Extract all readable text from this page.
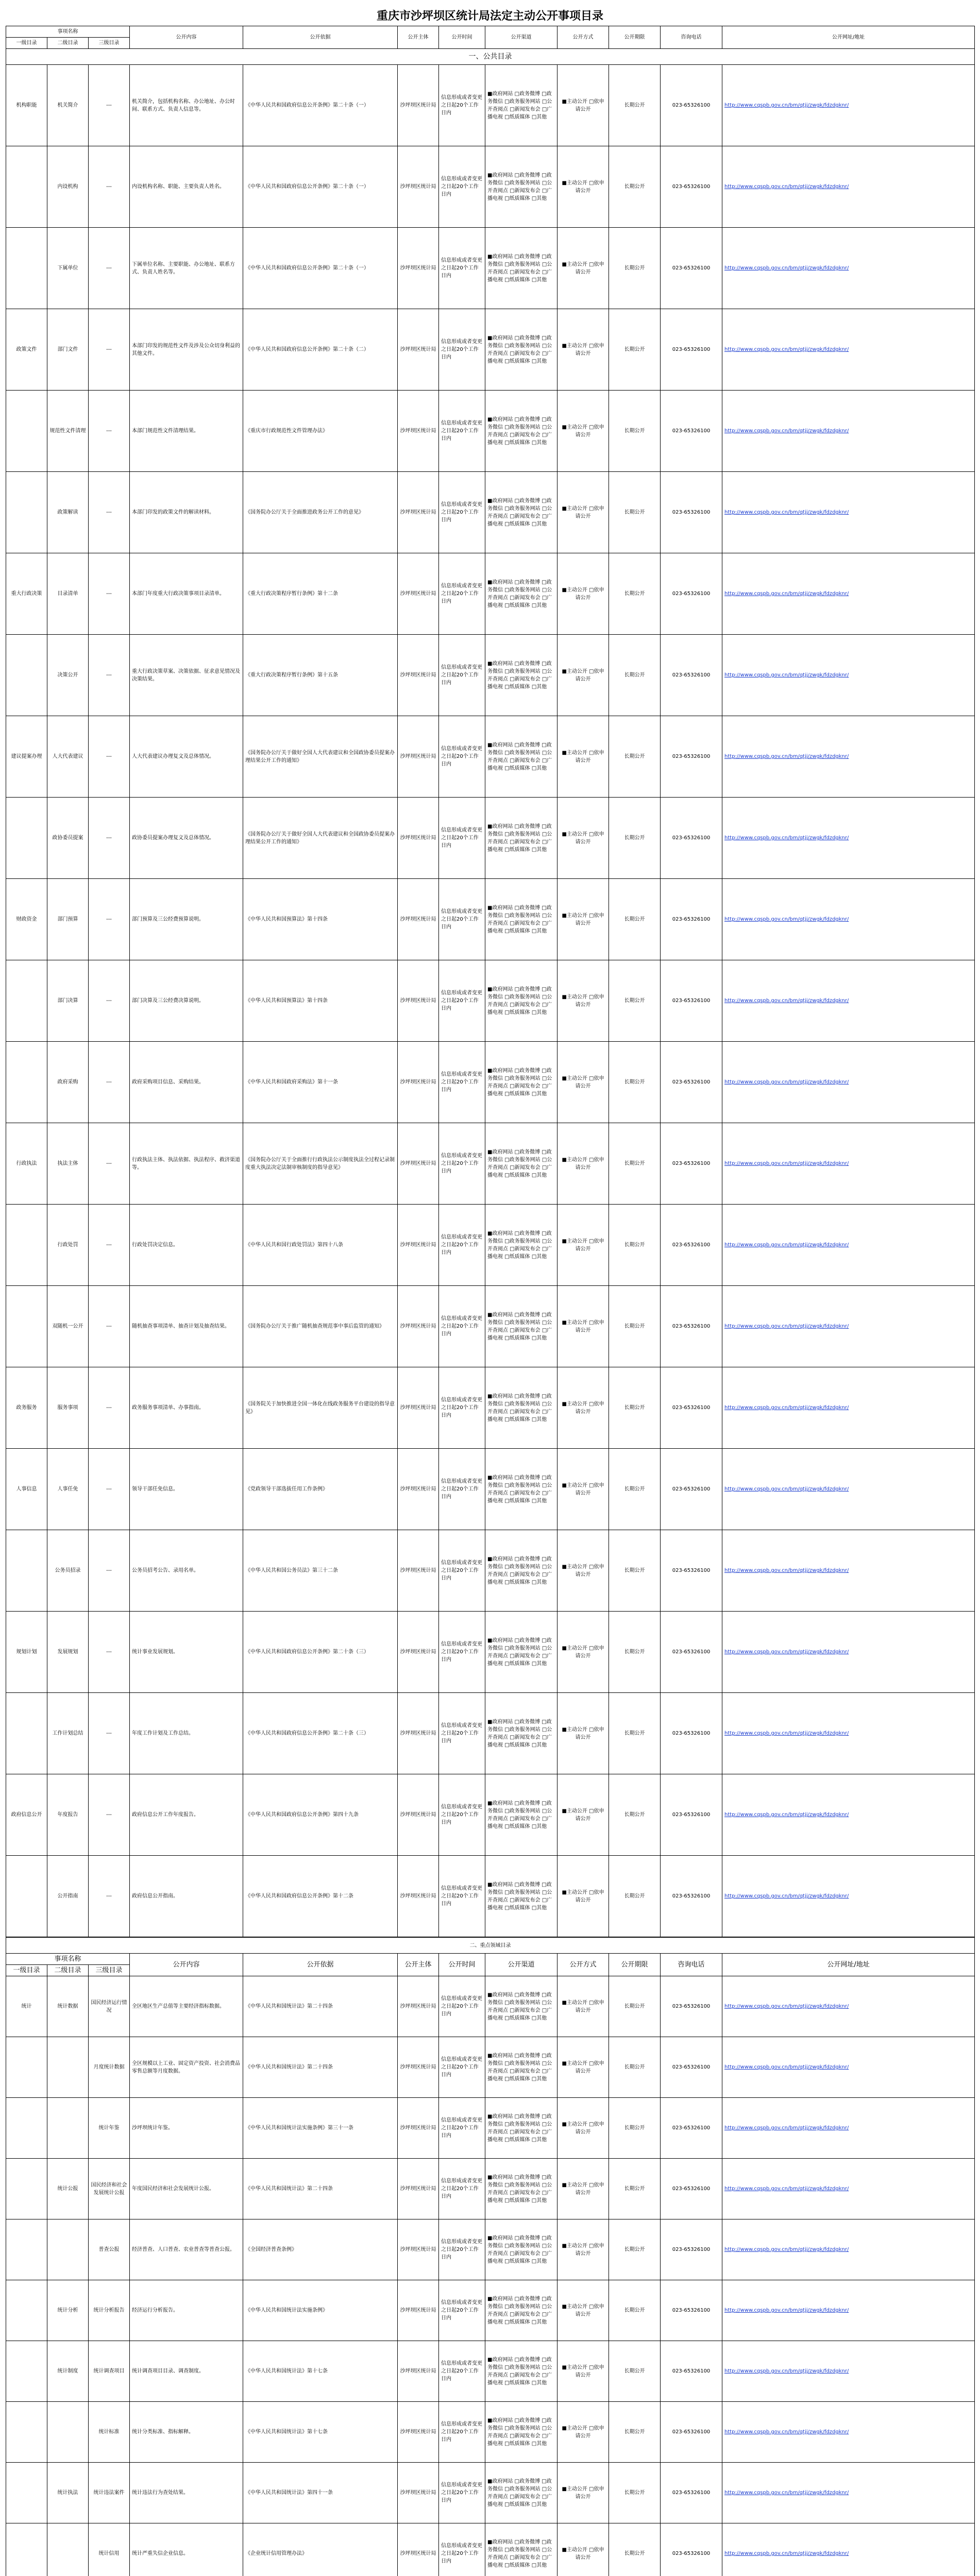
重庆市沙坪坝区统计局法定主动公开事项目录
事项名称			公开内容	公开依据	公开主体	公开时间	公开渠道	公开方式	公开期限	咨询电话	公开网址/地址
一级目录	二级目录	三级目录									
一、公共目录											
机构职能	机关简介	---	机关简介，包括机构名称、办公地址、办公时间、联系方式、负责人信息等。	《中华人民共和国政府信息公开条例》第二十条（一）	沙坪坝区统计局	信息形成或者变更之日起20个工作日内	■政府网站 □政务微博 □政务微信 □政务服务网站 □公开查阅点 □新闻发布会 □广播电视 □纸质媒体 □其他	■主动公开 □依申请公开	长期公开	023-65326100	http://www.cqspb.gov.cn/bm/qtjj/zwgk/fdzdgknr/
	内设机构	---	内设机构名称、职能、主要负责人姓名。	《中华人民共和国政府信息公开条例》第二十条（一）	沙坪坝区统计局	信息形成或者变更之日起20个工作日内	■政府网站 □政务微博 □政务微信 □政务服务网站 □公开查阅点 □新闻发布会 □广播电视 □纸质媒体 □其他	■主动公开 □依申请公开	长期公开	023-65326100	http://www.cqspb.gov.cn/bm/qtjj/zwgk/fdzdgknr/
	下属单位	---	下属单位名称、主要职能、办公地址、联系方式、负责人姓名等。	《中华人民共和国政府信息公开条例》第二十条（一）	沙坪坝区统计局	信息形成或者变更之日起20个工作日内	■政府网站 □政务微博 □政务微信 □政务服务网站 □公开查阅点 □新闻发布会 □广播电视 □纸质媒体 □其他	■主动公开 □依申请公开	长期公开	023-65326100	http://www.cqspb.gov.cn/bm/qtjj/zwgk/fdzdgknr/
政策文件	部门文件	---	本部门印发的规范性文件及涉及公众切身利益的其他文件。	《中华人民共和国政府信息公开条例》第二十条（二）	沙坪坝区统计局	信息形成或者变更之日起20个工作日内	■政府网站 □政务微博 □政务微信 □政务服务网站 □公开查阅点 □新闻发布会 □广播电视 □纸质媒体 □其他	■主动公开 □依申请公开	长期公开	023-65326100	http://www.cqspb.gov.cn/bm/qtjj/zwgk/fdzdgknr/
	规范性文件清理	---	本部门规范性文件清理结果。	《重庆市行政规范性文件管理办法》	沙坪坝区统计局	信息形成或者变更之日起20个工作日内	■政府网站 □政务微博 □政务微信 □政务服务网站 □公开查阅点 □新闻发布会 □广播电视 □纸质媒体 □其他	■主动公开 □依申请公开	长期公开	023-65326100	http://www.cqspb.gov.cn/bm/qtjj/zwgk/fdzdgknr/
	政策解读	---	本部门印发的政策文件的解读材料。	《国务院办公厅关于全面推进政务公开工作的意见》	沙坪坝区统计局	信息形成或者变更之日起20个工作日内	■政府网站 □政务微博 □政务微信 □政务服务网站 □公开查阅点 □新闻发布会 □广播电视 □纸质媒体 □其他	■主动公开 □依申请公开	长期公开	023-65326100	http://www.cqspb.gov.cn/bm/qtjj/zwgk/fdzdgknr/
重大行政决策	目录清单	---	本部门年度重大行政决策事项目录清单。	《重大行政决策程序暂行条例》第十二条	沙坪坝区统计局	信息形成或者变更之日起20个工作日内	■政府网站 □政务微博 □政务微信 □政务服务网站 □公开查阅点 □新闻发布会 □广播电视 □纸质媒体 □其他	■主动公开 □依申请公开	长期公开	023-65326100	http://www.cqspb.gov.cn/bm/qtjj/zwgk/fdzdgknr/
	决策公开	---	重大行政决策草案、决策依据、征求意见情况及决策结果。	《重大行政决策程序暂行条例》第十五条	沙坪坝区统计局	信息形成或者变更之日起20个工作日内	■政府网站 □政务微博 □政务微信 □政务服务网站 □公开查阅点 □新闻发布会 □广播电视 □纸质媒体 □其他	■主动公开 □依申请公开	长期公开	023-65326100	http://www.cqspb.gov.cn/bm/qtjj/zwgk/fdzdgknr/
建议提案办理	人大代表建议	---	人大代表建议办理复文及总体情况。	《国务院办公厅关于做好全国人大代表建议和全国政协委员提案办理结果公开工作的通知》	沙坪坝区统计局	信息形成或者变更之日起20个工作日内	■政府网站 □政务微博 □政务微信 □政务服务网站 □公开查阅点 □新闻发布会 □广播电视 □纸质媒体 □其他	■主动公开 □依申请公开	长期公开	023-65326100	http://www.cqspb.gov.cn/bm/qtjj/zwgk/fdzdgknr/
	政协委员提案	---	政协委员提案办理复文及总体情况。	《国务院办公厅关于做好全国人大代表建议和全国政协委员提案办理结果公开工作的通知》	沙坪坝区统计局	信息形成或者变更之日起20个工作日内	■政府网站 □政务微博 □政务微信 □政务服务网站 □公开查阅点 □新闻发布会 □广播电视 □纸质媒体 □其他	■主动公开 □依申请公开	长期公开	023-65326100	http://www.cqspb.gov.cn/bm/qtjj/zwgk/fdzdgknr/
财政资金	部门预算	---	部门预算及三公经费预算说明。	《中华人民共和国预算法》第十四条	沙坪坝区统计局	信息形成或者变更之日起20个工作日内	■政府网站 □政务微博 □政务微信 □政务服务网站 □公开查阅点 □新闻发布会 □广播电视 □纸质媒体 □其他	■主动公开 □依申请公开	长期公开	023-65326100	http://www.cqspb.gov.cn/bm/qtjj/zwgk/fdzdgknr/
	部门决算	---	部门决算及三公经费决算说明。	《中华人民共和国预算法》第十四条	沙坪坝区统计局	信息形成或者变更之日起20个工作日内	■政府网站 □政务微博 □政务微信 □政务服务网站 □公开查阅点 □新闻发布会 □广播电视 □纸质媒体 □其他	■主动公开 □依申请公开	长期公开	023-65326100	http://www.cqspb.gov.cn/bm/qtjj/zwgk/fdzdgknr/
	政府采购	---	政府采购项目信息、采购结果。	《中华人民共和国政府采购法》第十一条	沙坪坝区统计局	信息形成或者变更之日起20个工作日内	■政府网站 □政务微博 □政务微信 □政务服务网站 □公开查阅点 □新闻发布会 □广播电视 □纸质媒体 □其他	■主动公开 □依申请公开	长期公开	023-65326100	http://www.cqspb.gov.cn/bm/qtjj/zwgk/fdzdgknr/
行政执法	执法主体	---	行政执法主体、执法依据、执法程序、救济渠道等。	《国务院办公厅关于全面推行行政执法公示制度执法全过程记录制度重大执法决定法制审核制度的指导意见》	沙坪坝区统计局	信息形成或者变更之日起20个工作日内	■政府网站 □政务微博 □政务微信 □政务服务网站 □公开查阅点 □新闻发布会 □广播电视 □纸质媒体 □其他	■主动公开 □依申请公开	长期公开	023-65326100	http://www.cqspb.gov.cn/bm/qtjj/zwgk/fdzdgknr/
	行政处罚	---	行政处罚决定信息。	《中华人民共和国行政处罚法》第四十八条	沙坪坝区统计局	信息形成或者变更之日起20个工作日内	■政府网站 □政务微博 □政务微信 □政务服务网站 □公开查阅点 □新闻发布会 □广播电视 □纸质媒体 □其他	■主动公开 □依申请公开	长期公开	023-65326100	http://www.cqspb.gov.cn/bm/qtjj/zwgk/fdzdgknr/
	双随机一公开	---	随机抽查事项清单、抽查计划及抽查结果。	《国务院办公厅关于推广随机抽查规范事中事后监管的通知》	沙坪坝区统计局	信息形成或者变更之日起20个工作日内	■政府网站 □政务微博 □政务微信 □政务服务网站 □公开查阅点 □新闻发布会 □广播电视 □纸质媒体 □其他	■主动公开 □依申请公开	长期公开	023-65326100	http://www.cqspb.gov.cn/bm/qtjj/zwgk/fdzdgknr/
政务服务	服务事项	---	政务服务事项清单、办事指南。	《国务院关于加快推进全国一体化在线政务服务平台建设的指导意见》	沙坪坝区统计局	信息形成或者变更之日起20个工作日内	■政府网站 □政务微博 □政务微信 □政务服务网站 □公开查阅点 □新闻发布会 □广播电视 □纸质媒体 □其他	■主动公开 □依申请公开	长期公开	023-65326100	http://www.cqspb.gov.cn/bm/qtjj/zwgk/fdzdgknr/
人事信息	人事任免	---	领导干部任免信息。	《党政领导干部选拔任用工作条例》	沙坪坝区统计局	信息形成或者变更之日起20个工作日内	■政府网站 □政务微博 □政务微信 □政务服务网站 □公开查阅点 □新闻发布会 □广播电视 □纸质媒体 □其他	■主动公开 □依申请公开	长期公开	023-65326100	http://www.cqspb.gov.cn/bm/qtjj/zwgk/fdzdgknr/
	公务员招录	---	公务员招考公告、录用名单。	《中华人民共和国公务员法》第三十二条	沙坪坝区统计局	信息形成或者变更之日起20个工作日内	■政府网站 □政务微博 □政务微信 □政务服务网站 □公开查阅点 □新闻发布会 □广播电视 □纸质媒体 □其他	■主动公开 □依申请公开	长期公开	023-65326100	http://www.cqspb.gov.cn/bm/qtjj/zwgk/fdzdgknr/
规划计划	发展规划	---	统计事业发展规划。	《中华人民共和国政府信息公开条例》第二十条（三）	沙坪坝区统计局	信息形成或者变更之日起20个工作日内	■政府网站 □政务微博 □政务微信 □政务服务网站 □公开查阅点 □新闻发布会 □广播电视 □纸质媒体 □其他	■主动公开 □依申请公开	长期公开	023-65326100	http://www.cqspb.gov.cn/bm/qtjj/zwgk/fdzdgknr/
	工作计划总结	---	年度工作计划及工作总结。	《中华人民共和国政府信息公开条例》第二十条（三）	沙坪坝区统计局	信息形成或者变更之日起20个工作日内	■政府网站 □政务微博 □政务微信 □政务服务网站 □公开查阅点 □新闻发布会 □广播电视 □纸质媒体 □其他	■主动公开 □依申请公开	长期公开	023-65326100	http://www.cqspb.gov.cn/bm/qtjj/zwgk/fdzdgknr/
政府信息公开	年度报告	---	政府信息公开工作年度报告。	《中华人民共和国政府信息公开条例》第四十九条	沙坪坝区统计局	信息形成或者变更之日起20个工作日内	■政府网站 □政务微博 □政务微信 □政务服务网站 □公开查阅点 □新闻发布会 □广播电视 □纸质媒体 □其他	■主动公开 □依申请公开	长期公开	023-65326100	http://www.cqspb.gov.cn/bm/qtjj/zwgk/fdzdgknr/
	公开指南	---	政府信息公开指南。	《中华人民共和国政府信息公开条例》第十二条	沙坪坝区统计局	信息形成或者变更之日起20个工作日内	■政府网站 □政务微博 □政务微信 □政务服务网站 □公开查阅点 □新闻发布会 □广播电视 □纸质媒体 □其他	■主动公开 □依申请公开	长期公开	023-65326100	http://www.cqspb.gov.cn/bm/qtjj/zwgk/fdzdgknr/
二、重点领域目录											
事项名称			公开内容	公开依据	公开主体	公开时间	公开渠道	公开方式	公开期限	咨询电话	公开网址/地址
一级目录	二级目录	三级目录									
统计	统计数据	国民经济运行情况	全区地区生产总值等主要经济指标数据。	《中华人民共和国统计法》第二十四条	沙坪坝区统计局	信息形成或者变更之日起20个工作日内	■政府网站 □政务微博 □政务微信 □政务服务网站 □公开查阅点 □新闻发布会 □广播电视 □纸质媒体 □其他	■主动公开 □依申请公开	长期公开	023-65326100	http://www.cqspb.gov.cn/bm/qtjj/zwgk/fdzdgknr/
		月度统计数据	全区规模以上工业、固定资产投资、社会消费品零售总额等月度数据。	《中华人民共和国统计法》第二十四条	沙坪坝区统计局	信息形成或者变更之日起20个工作日内	■政府网站 □政务微博 □政务微信 □政务服务网站 □公开查阅点 □新闻发布会 □广播电视 □纸质媒体 □其他	■主动公开 □依申请公开	长期公开	023-65326100	http://www.cqspb.gov.cn/bm/qtjj/zwgk/fdzdgknr/
		统计年鉴	沙坪坝统计年鉴。	《中华人民共和国统计法实施条例》第三十一条	沙坪坝区统计局	信息形成或者变更之日起20个工作日内	■政府网站 □政务微博 □政务微信 □政务服务网站 □公开查阅点 □新闻发布会 □广播电视 □纸质媒体 □其他	■主动公开 □依申请公开	长期公开	023-65326100	http://www.cqspb.gov.cn/bm/qtjj/zwgk/fdzdgknr/
	统计公报	国民经济和社会发展统计公报	年度国民经济和社会发展统计公报。	《中华人民共和国统计法》第二十四条	沙坪坝区统计局	信息形成或者变更之日起20个工作日内	■政府网站 □政务微博 □政务微信 □政务服务网站 □公开查阅点 □新闻发布会 □广播电视 □纸质媒体 □其他	■主动公开 □依申请公开	长期公开	023-65326100	http://www.cqspb.gov.cn/bm/qtjj/zwgk/fdzdgknr/
		普查公报	经济普查、人口普查、农业普查等普查公报。	《全国经济普查条例》	沙坪坝区统计局	信息形成或者变更之日起20个工作日内	■政府网站 □政务微博 □政务微信 □政务服务网站 □公开查阅点 □新闻发布会 □广播电视 □纸质媒体 □其他	■主动公开 □依申请公开	长期公开	023-65326100	http://www.cqspb.gov.cn/bm/qtjj/zwgk/fdzdgknr/
	统计分析	统计分析报告	经济运行分析报告。	《中华人民共和国统计法实施条例》	沙坪坝区统计局	信息形成或者变更之日起20个工作日内	■政府网站 □政务微博 □政务微信 □政务服务网站 □公开查阅点 □新闻发布会 □广播电视 □纸质媒体 □其他	■主动公开 □依申请公开	长期公开	023-65326100	http://www.cqspb.gov.cn/bm/qtjj/zwgk/fdzdgknr/
	统计制度	统计调查项目	统计调查项目目录、调查制度。	《中华人民共和国统计法》第十七条	沙坪坝区统计局	信息形成或者变更之日起20个工作日内	■政府网站 □政务微博 □政务微信 □政务服务网站 □公开查阅点 □新闻发布会 □广播电视 □纸质媒体 □其他	■主动公开 □依申请公开	长期公开	023-65326100	http://www.cqspb.gov.cn/bm/qtjj/zwgk/fdzdgknr/
		统计标准	统计分类标准、指标解释。	《中华人民共和国统计法》第十七条	沙坪坝区统计局	信息形成或者变更之日起20个工作日内	■政府网站 □政务微博 □政务微信 □政务服务网站 □公开查阅点 □新闻发布会 □广播电视 □纸质媒体 □其他	■主动公开 □依申请公开	长期公开	023-65326100	http://www.cqspb.gov.cn/bm/qtjj/zwgk/fdzdgknr/
	统计执法	统计违法案件	统计违法行为查处结果。	《中华人民共和国统计法》第四十一条	沙坪坝区统计局	信息形成或者变更之日起20个工作日内	■政府网站 □政务微博 □政务微信 □政务服务网站 □公开查阅点 □新闻发布会 □广播电视 □纸质媒体 □其他	■主动公开 □依申请公开	长期公开	023-65326100	http://www.cqspb.gov.cn/bm/qtjj/zwgk/fdzdgknr/
		统计信用	统计严重失信企业信息。	《企业统计信用管理办法》	沙坪坝区统计局	信息形成或者变更之日起20个工作日内	■政府网站 □政务微博 □政务微信 □政务服务网站 □公开查阅点 □新闻发布会 □广播电视 □纸质媒体 □其他	■主动公开 □依申请公开	长期公开	023-65326100	http://www.cqspb.gov.cn/bm/qtjj/zwgk/fdzdgknr/
